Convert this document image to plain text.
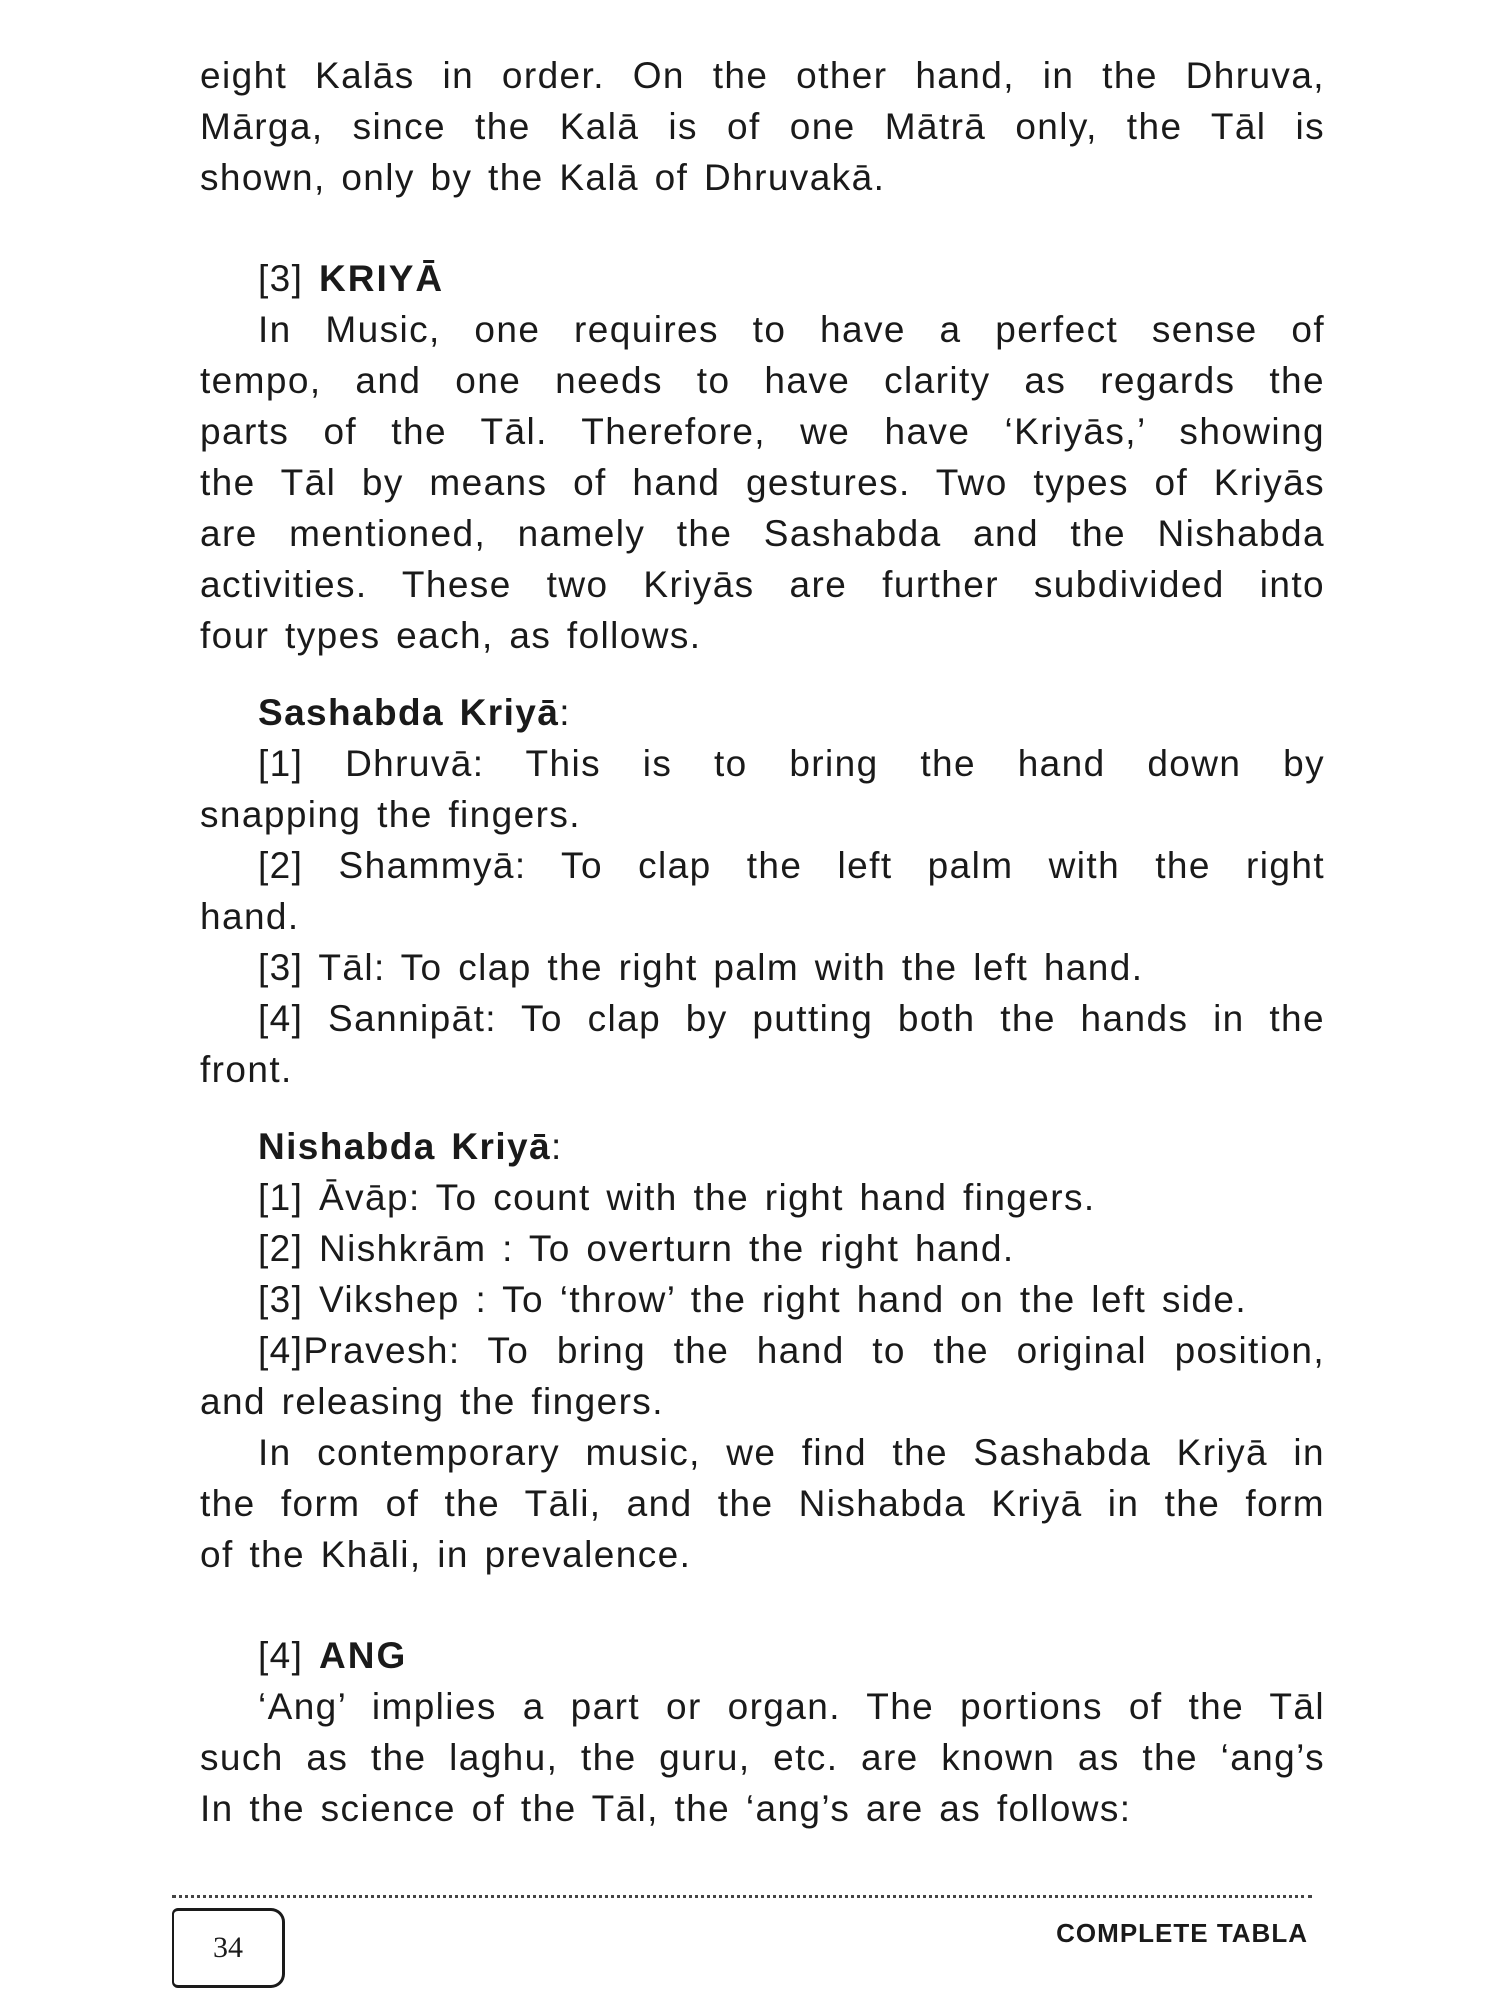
eight Kalās in order. On the other hand, in the Dhruva,

Mārga, since the Kalā is of one Mātrā only, the Tāl is

shown, only by the Kalā of Dhruvakā.

[3] KRIYĀ

In Music, one requires to have a perfect sense of

tempo, and one needs to have clarity as regards the

parts of the Tāl. Therefore, we have ‘Kriyās,’ showing

the Tāl by means of hand gestures. Two types of Kriyās

are mentioned, namely the Sashabda and the Nishabda

activities. These two Kriyās are further subdivided into

four types each, as follows.

Sashabda Kriyā:

[1] Dhruvā: This is to bring the hand down by

snapping the fingers.

[2] Shammyā: To clap the left palm with the right

hand.

[3] Tāl: To clap the right palm with the left hand.

[4] Sannipāt: To clap by putting both the hands in the

front.

Nishabda Kriyā:

[1] Āvāp: To count with the right hand fingers.

[2] Nishkrām : To overturn the right hand.

[3] Vikshep : To ‘throw’ the right hand on the left side.

[4]Pravesh: To bring the hand to the original position,

and releasing the fingers.

In contemporary music, we find the Sashabda Kriyā in

the form of the Tāli, and the Nishabda Kriyā in the form

of the Khāli, in prevalence.

[4] ANG

‘Ang’ implies a part or organ. The portions of the Tāl

such as the laghu, the guru, etc. are known as the ‘ang’s

In the science of the Tāl, the ‘ang’s are as follows:

34	COMPLETE TABLA
